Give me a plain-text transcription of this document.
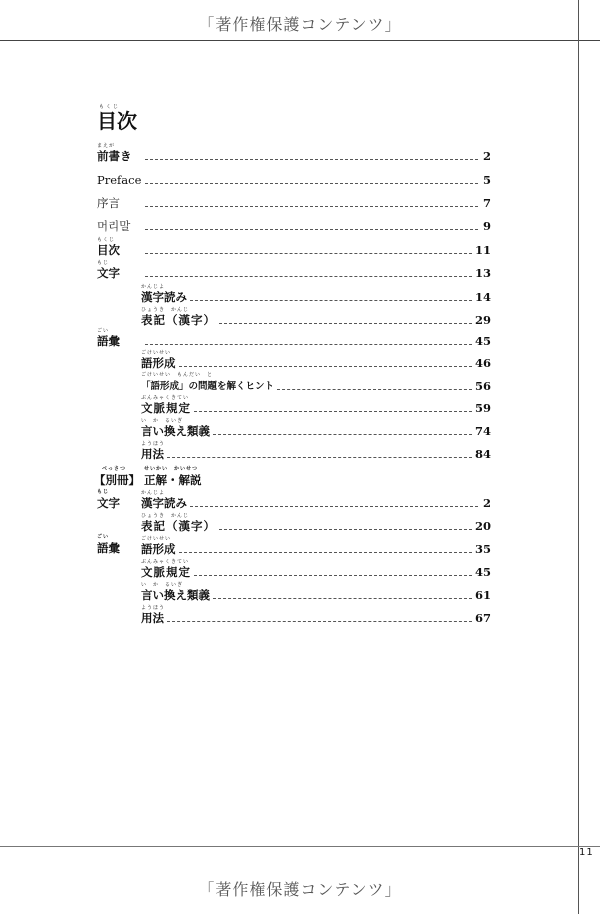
「著作権保護コンテンツ」
11
「著作権保護コンテンツ」
もくじ
目次
まえが
前書き	2
Preface	5
序言	7
머리말	9
もくじ
目次	11
もじ
文字	13
かんじよ
漢字読み	14
ひょうき　かんじ
表記（漢字）	29
ごい
語彙	45
ごけいせい
語形成	46
ごけいせい　もんだい　と
「語形成」の問題を解くヒント	56
ぶんみゃくきてい
文脈規定	59
い　か　るいぎ
言い換え類義	74
ようほう
用法	84
べっさつ
【別冊】
せいかい　かいせつ
正解・解説
もじ
文字
かんじよ
漢字読み	2
ひょうき　かんじ
表記（漢字）	20
ごい
語彙
ごけいせい
語形成	35
ぶんみゃくきてい
文脈規定	45
い　か　るいぎ
言い換え類義	61
ようほう
用法	67
